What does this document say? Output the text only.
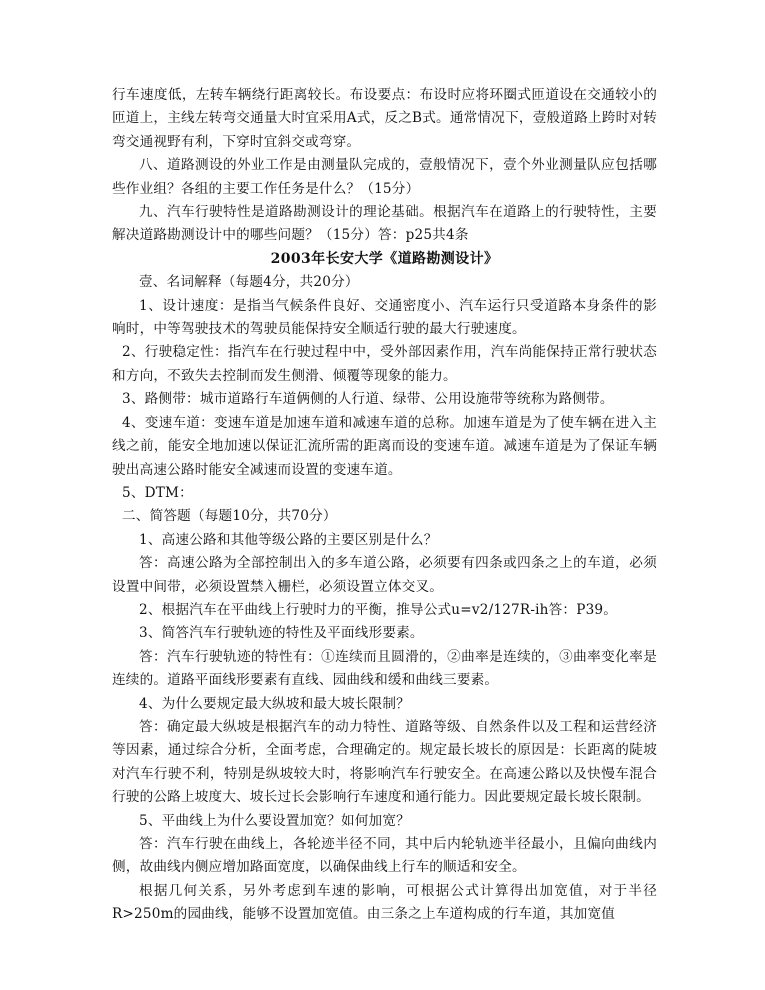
行车速度低，左转车辆绕行距离较长。布设要点：布设时应将环圈式匝道设在交通较小的匝道上，主线左转弯交通量大时宜采用A式，反之B式。通常情况下，壹般道路上跨时对转弯交通视野有利，下穿时宜斜交或弯穿。

八、道路测设的外业工作是由测量队完成的，壹般情况下，壹个外业测量队应包括哪些作业组？各组的主要工作任务是什么？（15分）

九、汽车行驶特性是道路勘测设计的理论基础。根据汽车在道路上的行驶特性，主要解决道路勘测设计中的哪些问题？（15分）答：p25共4条

2003年长安大学《道路勘测设计》

壹、名词解释（每题4分，共20分）

1、设计速度：是指当气候条件良好、交通密度小、汽车运行只受道路本身条件的影响时，中等驾驶技术的驾驶员能保持安全顺适行驶的最大行驶速度。

2、行驶稳定性：指汽车在行驶过程中中，受外部因素作用，汽车尚能保持正常行驶状态和方向，不致失去控制而发生侧滑、倾覆等现象的能力。

3、路侧带：城市道路行车道俩侧的人行道、绿带、公用设施带等统称为路侧带。

4、变速车道：变速车道是加速车道和减速车道的总称。加速车道是为了使车辆在进入主线之前，能安全地加速以保证汇流所需的距离而设的变速车道。减速车道是为了保证车辆驶出高速公路时能安全减速而设置的变速车道。

5、DTM：

二、简答题（每题10分，共70分）

1、高速公路和其他等级公路的主要区别是什么？

答：高速公路为全部控制出入的多车道公路，必须要有四条或四条之上的车道，必须设置中间带，必须设置禁入栅栏，必须设置立体交叉。

2、根据汽车在平曲线上行驶时力的平衡，推导公式u=v2/127R-ih答：P39。

3、简答汽车行驶轨迹的特性及平面线形要素。

答：汽车行驶轨迹的特性有：①连续而且圆滑的，②曲率是连续的，③曲率变化率是连续的。道路平面线形要素有直线、园曲线和缓和曲线三要素。

4、为什么要规定最大纵坡和最大坡长限制？

答：确定最大纵坡是根据汽车的动力特性、道路等级、自然条件以及工程和运营经济等因素，通过综合分析，全面考虑，合理确定的。规定最长坡长的原因是：长距离的陡坡对汽车行驶不利，特别是纵坡较大时，将影响汽车行驶安全。在高速公路以及快慢车混合行驶的公路上坡度大、坡长过长会影响行车速度和通行能力。因此要规定最长坡长限制。

5、平曲线上为什么要设置加宽？如何加宽？

答：汽车行驶在曲线上，各轮迹半径不同，其中后内轮轨迹半径最小，且偏向曲线内侧，故曲线内侧应增加路面宽度，以确保曲线上行车的顺适和安全。

根据几何关系，另外考虑到车速的影响，可根据公式计算得出加宽值，对于半径R>250m的园曲线，能够不设置加宽值。由三条之上车道构成的行车道，其加宽值
